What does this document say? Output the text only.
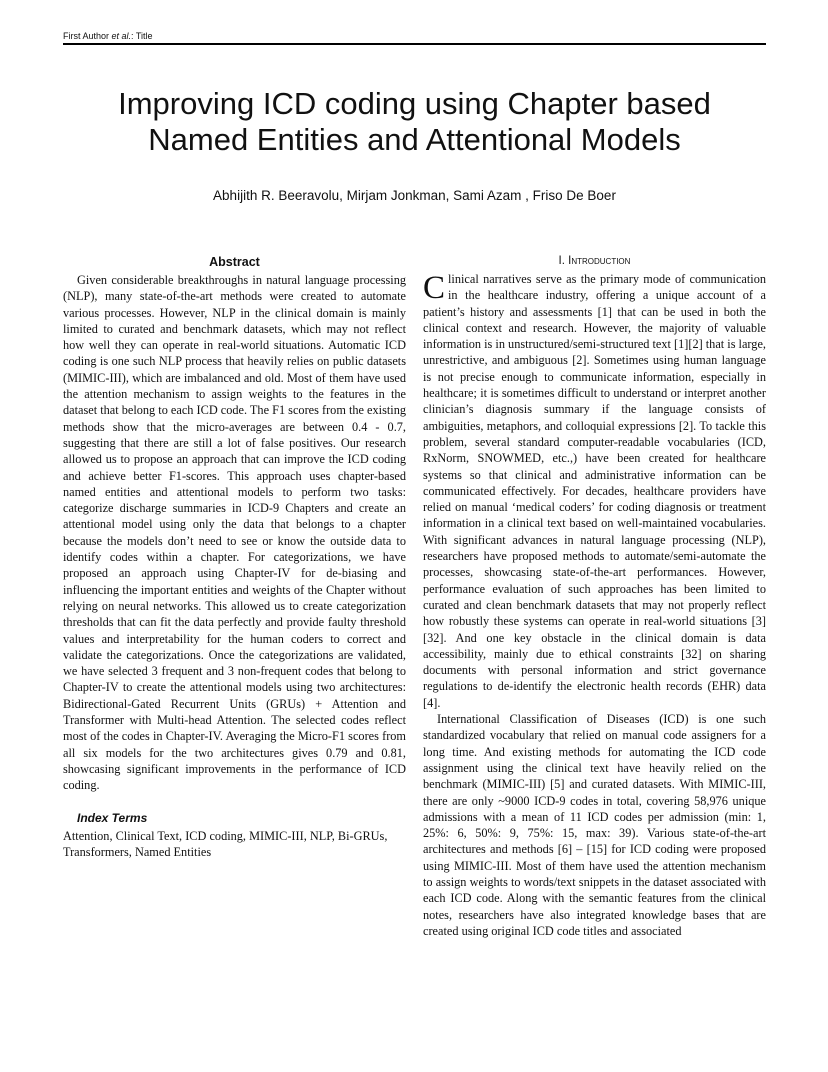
First Author et al.: Title
Improving ICD coding using Chapter based
Named Entities and Attentional Models
Abhijith R. Beeravolu, Mirjam Jonkman, Sami Azam , Friso De Boer
Abstract

Given considerable breakthroughs in natural language processing (NLP), many state-of-the-art methods were created to automate various processes. However, NLP in the clinical domain is mainly limited to curated and benchmark datasets, which may not reflect how well they can operate in real-world situations. Automatic ICD coding is one such NLP process that heavily relies on public datasets (MIMIC-III), which are imbalanced and old. Most of them have used the attention mechanism to assign weights to the features in the dataset that belong to each ICD code. The F1 scores from the existing methods show that the micro-averages are between 0.4 - 0.7, suggesting that there are still a lot of false positives. Our research allowed us to propose an approach that can improve the ICD coding and achieve better F1-scores. This approach uses chapter-based named entities and attentional models to perform two tasks: categorize discharge summaries in ICD-9 Chapters and create an attentional model using only the data that belongs to a chapter because the models don’t need to see or know the outside data to identify codes within a chapter. For categorizations, we have proposed an approach using Chapter-IV for de-biasing and influencing the important entities and weights of the Chapter without relying on neural networks. This allowed us to create categorization thresholds that can fit the data perfectly and provide faulty threshold values and interpretability for the human coders to correct and validate the categorizations. Once the categorizations are validated, we have selected 3 frequent and 3 non-frequent codes that belong to Chapter-IV to create the attentional models using two architectures: Bidirectional-Gated Recurrent Units (GRUs) + Attention and Transformer with Multi-head Attention. The selected codes reflect most of the codes in Chapter-IV. Averaging the Micro-F1 scores from all six models for the two architectures gives 0.79 and 0.81, showcasing significant improvements in the performance of ICD coding.

Index Terms

Attention, Clinical Text, ICD coding, MIMIC-III, NLP, Bi-GRUs, Transformers, Named Entities

I. Introduction

Clinical narratives serve as the primary mode of communication in the healthcare industry, offering a unique account of a patient’s history and assessments [1] that can be used in both the clinical context and research. However, the majority of valuable information is in unstructured/semi-structured text [1][2] that is large, unrestrictive, and ambiguous [2]. Sometimes using human language is not precise enough to communicate information, especially in healthcare; it is sometimes difficult to understand or interpret another clinician’s diagnosis summary if the language consists of ambiguities, metaphors, and colloquial expressions [2]. To tackle this problem, several standard computer-readable vocabularies (ICD, RxNorm, SNOWMED, etc.,) have been created for healthcare systems so that clinical and administrative information can be communicated effectively. For decades, healthcare providers have relied on manual ‘medical coders’ for coding diagnosis or treatment information in a clinical text based on well-maintained vocabularies. With significant advances in natural language processing (NLP), researchers have proposed methods to automate/semi-automate the processes, showcasing state-of-the-art performances. However, performance evaluation of such approaches has been limited to curated and clean benchmark datasets that may not properly reflect how robustly these systems can operate in real-world situations [3][32]. And one key obstacle in the clinical domain is data accessibility, mainly due to ethical constraints [32] on sharing documents with personal information and strict governance regulations to de-identify the electronic health records (EHR) data [4].

International Classification of Diseases (ICD) is one such standardized vocabulary that relied on manual code assigners for a long time. And existing methods for automating the ICD code assignment using the clinical text have heavily relied on the benchmark (MIMIC-III) [5] and curated datasets. With MIMIC-III, there are only ~9000 ICD-9 codes in total, covering 58,976 unique admissions with a mean of 11 ICD codes per admission (min: 1, 25%: 6, 50%: 9, 75%: 15, max: 39). Various state-of-the-art architectures and methods [6] – [15] for ICD coding were proposed using MIMIC-III. Most of them have used the attention mechanism to assign weights to words/text snippets in the dataset associated with each ICD code. Along with the semantic features from the clinical notes, researchers have also integrated knowledge bases that are created using original ICD code titles and associated
